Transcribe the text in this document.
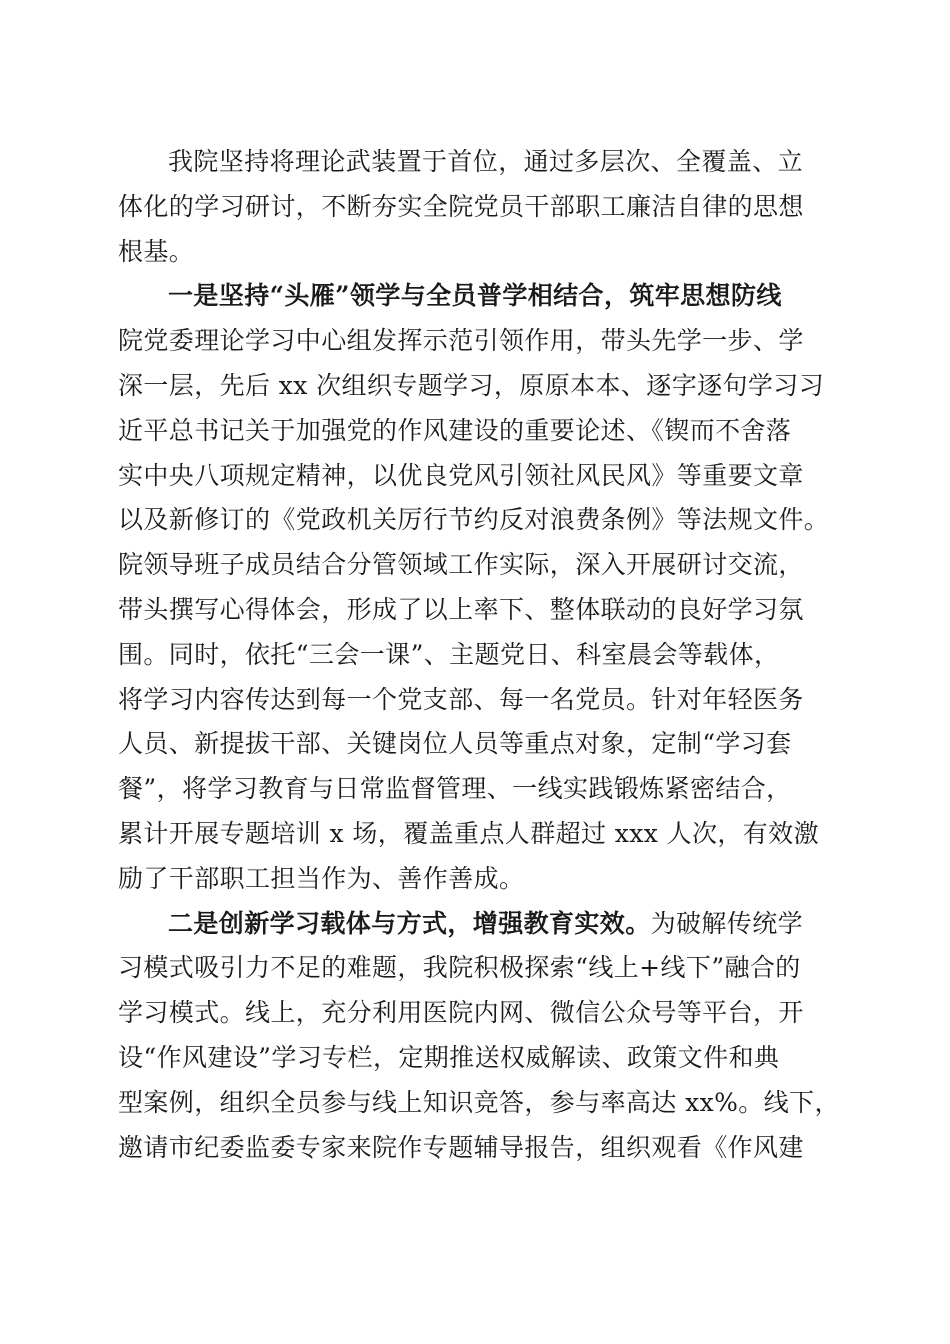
我院坚持将理论武装置于首位，通过多层次、全覆盖、立
体化的学习研讨，不断夯实全院党员干部职工廉洁自律的思想
根基。
一是坚持“头雁”领学与全员普学相结合，筑牢思想防线
院党委理论学习中心组发挥示范引领作用，带头先学一步、学
深一层，先后 xx 次组织专题学习，原原本本、逐字逐句学习习
近平总书记关于加强党的作风建设的重要论述、《锲而不舍落
实中央八项规定精神，以优良党风引领社风民风》等重要文章
以及新修订的《党政机关厉行节约反对浪费条例》等法规文件。
院领导班子成员结合分管领域工作实际，深入开展研讨交流，
带头撰写心得体会，形成了以上率下、整体联动的良好学习氛
围。同时，依托“三会一课”、主题党日、科室晨会等载体，
将学习内容传达到每一个党支部、每一名党员。针对年轻医务
人员、新提拔干部、关键岗位人员等重点对象，定制“学习套
餐”，将学习教育与日常监督管理、一线实践锻炼紧密结合，
累计开展专题培训 x 场，覆盖重点人群超过 xxx 人次，有效激
励了干部职工担当作为、善作善成。
二是创新学习载体与方式，增强教育实效。为破解传统学
习模式吸引力不足的难题，我院积极探索“线上+线下”融合的
学习模式。线上，充分利用医院内网、微信公众号等平台，开
设“作风建设”学习专栏，定期推送权威解读、政策文件和典
型案例，组织全员参与线上知识竞答，参与率高达 xx%。线下，
邀请市纪委监委专家来院作专题辅导报告，组织观看《作风建
